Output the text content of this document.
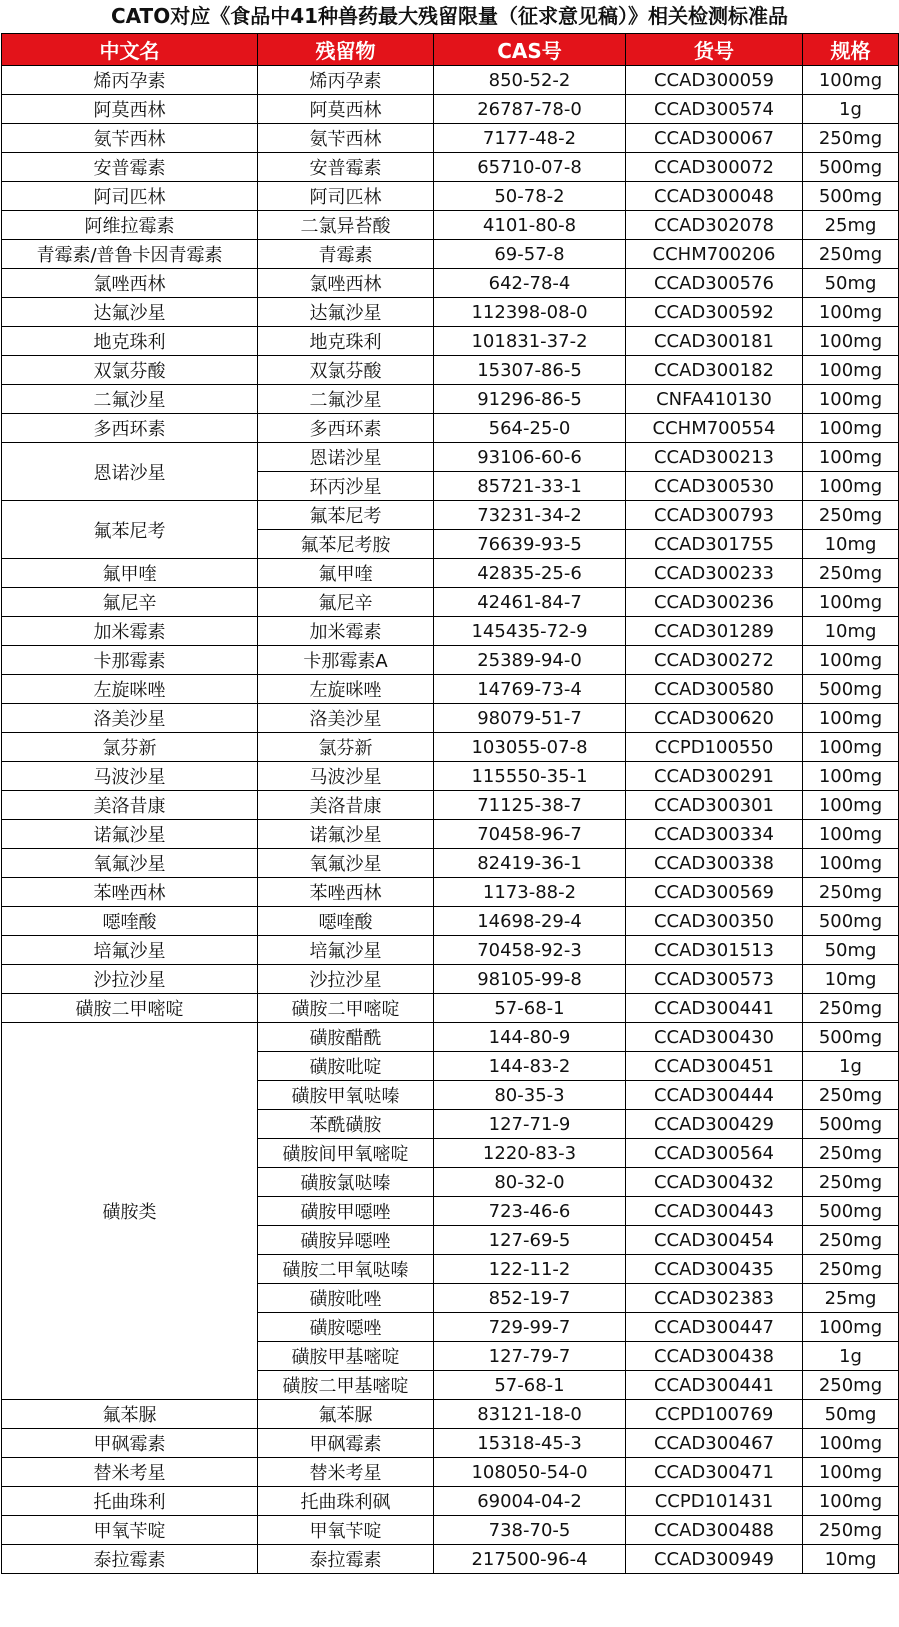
CATO对应《食品中41种兽药最大残留限量（征求意见稿）》相关检测标准品
中文名	残留物	CAS号	货号	规格
烯丙孕素	烯丙孕素	850-52-2	CCAD300059	100mg
阿莫西林	阿莫西林	26787-78-0	CCAD300574	1g
氨苄西林	氨苄西林	7177-48-2	CCAD300067	250mg
安普霉素	安普霉素	65710-07-8	CCAD300072	500mg
阿司匹林	阿司匹林	50-78-2	CCAD300048	500mg
阿维拉霉素	二氯异苔酸	4101-80-8	CCAD302078	25mg
青霉素/普鲁卡因青霉素	青霉素	69-57-8	CCHM700206	250mg
氯唑西林	氯唑西林	642-78-4	CCAD300576	50mg
达氟沙星	达氟沙星	112398-08-0	CCAD300592	100mg
地克珠利	地克珠利	101831-37-2	CCAD300181	100mg
双氯芬酸	双氯芬酸	15307-86-5	CCAD300182	100mg
二氟沙星	二氟沙星	91296-86-5	CNFA410130	100mg
多西环素	多西环素	564-25-0	CCHM700554	100mg
恩诺沙星	恩诺沙星	93106-60-6	CCAD300213	100mg
	环丙沙星	85721-33-1	CCAD300530	100mg
氟苯尼考	氟苯尼考	73231-34-2	CCAD300793	250mg
	氟苯尼考胺	76639-93-5	CCAD301755	10mg
氟甲喹	氟甲喹	42835-25-6	CCAD300233	250mg
氟尼辛	氟尼辛	42461-84-7	CCAD300236	100mg
加米霉素	加米霉素	145435-72-9	CCAD301289	10mg
卡那霉素	卡那霉素A	25389-94-0	CCAD300272	100mg
左旋咪唑	左旋咪唑	14769-73-4	CCAD300580	500mg
洛美沙星	洛美沙星	98079-51-7	CCAD300620	100mg
氯芬新	氯芬新	103055-07-8	CCPD100550	100mg
马波沙星	马波沙星	115550-35-1	CCAD300291	100mg
美洛昔康	美洛昔康	71125-38-7	CCAD300301	100mg
诺氟沙星	诺氟沙星	70458-96-7	CCAD300334	100mg
氧氟沙星	氧氟沙星	82419-36-1	CCAD300338	100mg
苯唑西林	苯唑西林	1173-88-2	CCAD300569	250mg
噁喹酸	噁喹酸	14698-29-4	CCAD300350	500mg
培氟沙星	培氟沙星	70458-92-3	CCAD301513	50mg
沙拉沙星	沙拉沙星	98105-99-8	CCAD300573	10mg
磺胺二甲嘧啶	磺胺二甲嘧啶	57-68-1	CCAD300441	250mg
磺胺类	磺胺醋酰	144-80-9	CCAD300430	500mg
	磺胺吡啶	144-83-2	CCAD300451	1g
	磺胺甲氧哒嗪	80-35-3	CCAD300444	250mg
	苯酰磺胺	127-71-9	CCAD300429	500mg
	磺胺间甲氧嘧啶	1220-83-3	CCAD300564	250mg
	磺胺氯哒嗪	80-32-0	CCAD300432	250mg
	磺胺甲噁唑	723-46-6	CCAD300443	500mg
	磺胺异噁唑	127-69-5	CCAD300454	250mg
	磺胺二甲氧哒嗪	122-11-2	CCAD300435	250mg
	磺胺吡唑	852-19-7	CCAD302383	25mg
	磺胺噁唑	729-99-7	CCAD300447	100mg
	磺胺甲基嘧啶	127-79-7	CCAD300438	1g
	磺胺二甲基嘧啶	57-68-1	CCAD300441	250mg
氟苯脲	氟苯脲	83121-18-0	CCPD100769	50mg
甲砜霉素	甲砜霉素	15318-45-3	CCAD300467	100mg
替米考星	替米考星	108050-54-0	CCAD300471	100mg
托曲珠利	托曲珠利砜	69004-04-2	CCPD101431	100mg
甲氧苄啶	甲氧苄啶	738-70-5	CCAD300488	250mg
泰拉霉素	泰拉霉素	217500-96-4	CCAD300949	10mg
